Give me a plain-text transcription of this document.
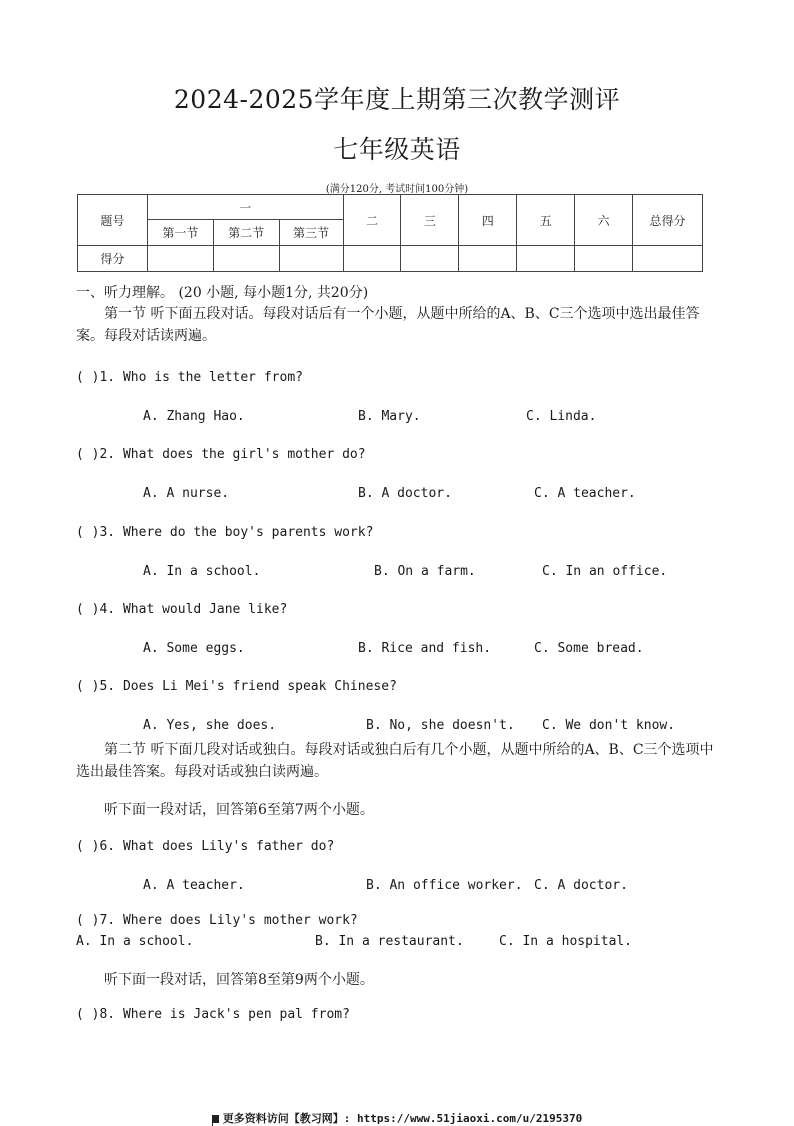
2024-2025学年度上期第三次教学测评
七年级英语
(满分120分, 考试时间100分钟)
题号	一			二	三	四	五	六	总得分
	第一节	第二节	第三节						
得分									
一、听力理解。 (20 小题, 每小题1分, 共20分)
第一节 听下面五段对话。每段对话后有一个小题，从题中所给的A、B、C三个选项中选出最佳答案。每段对话读两遍。
( )1. Who is the letter from?
A. Zhang Hao.	B. Mary.	C. Linda.
( )2. What does the girl's mother do?
A. A nurse.	B. A doctor.	C. A teacher.
( )3. Where do the boy's parents work?
A. In a school.	B. On a farm.	C. In an office.
( )4. What would Jane like?
A. Some eggs.	B. Rice and fish.	C. Some bread.
( )5. Does Li Mei's friend speak Chinese?
A. Yes, she does.	B. No, she doesn't. C. We don't know.
第二节 听下面几段对话或独白。每段对话或独白后有几个小题，从题中所给的A、B、C三个选项中选出最佳答案。每段对话或独白读两遍。
听下面一段对话，回答第6至第7两个小题。
( )6. What does Lily's father do?
A. A teacher.	B. An office worker. C. A doctor.
( )7. Where does Lily's mother work?
A. In a school.	B. In a restaurant.	C. In a hospital.
听下面一段对话，回答第8至第9两个小题。
( )8. Where is Jack's pen pal from?
更多资料访问【教习网】: https://www.51jiaoxi.com/u/2195370
